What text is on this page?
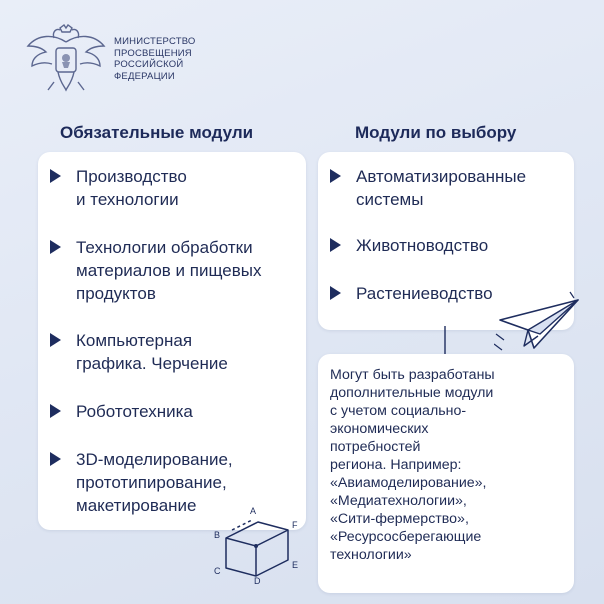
МИНИСТЕРСТВО
ПРОСВЕЩЕНИЯ
РОССИЙСКОЙ
ФЕДЕРАЦИИ
Обязательные модули	Модули по выбору
Производство
и технологии
Технологии обработки
материалов и пищевых
продуктов
Компьютерная
графика. Черчение
Робототехника
3D-моделирование,
прототипирование,
макетирование
Автоматизированные
системы
Животноводство
Растениеводство
Могут быть разработаны
дополнительные модули
с учетом социально-
экономических
потребностей
региона. Например:
«Авиамоделирование»,
«Медиатехнологии»,
«Сити-фермерство»,
«Ресурсосберегающие
технологии»
A
B
F
C
D
E
